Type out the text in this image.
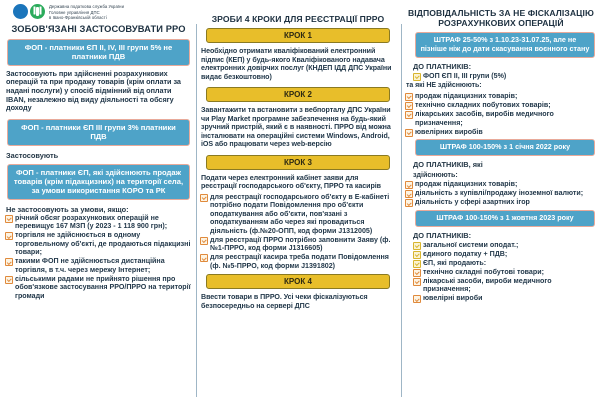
Державна податкова служба України
Головне управління ДПС
в Івано-Франківській області
ЗОБОВ'ЯЗАНІ ЗАСТОСОВУВАТИ РРО
ФОП - платники ЄП II, IV, III групи 5% не платники ПДВ
Застосовують при здійсненні розрахункових операцій та при продажу товарів (крім оплати за надані послуги) у спосіб відмінний від оплати IBAN, незалежно від виду діяльності та обсягу доходу
ФОП - платники ЄП III групи 3% платники ПДВ
Застосовують
ФОП - платники ЄП, які здійснюють продаж товарів (крім підакцизних) на території села, за умови використання КОРО та РК
Не застосовують за умови, якщо:
річний обсяг розрахункових операцій не перевищує 167 МЗП (у 2023 - 1 118 900 грн);
торгівля не здійснюється в одному торговельному об'єкті, де продаються підакцизні товари;
такими ФОП не здійснюється дистанційна торгівля, в т.ч. через мережу Інтернет;
сільськими радами не прийнято рішення про обов'язкове застосування РРО/ПРРО на території громади
ЗРОБИ 4 КРОКИ ДЛЯ РЕЄСТРАЦІЇ ПРРО
КРОК 1
Необхідно отримати кваліфікований електронний підпис (КЕП) у будь-якого Кваліфікованого надавача електронних довірчих послуг (КНДЕП ІДД ДПС України видає безкоштовно)
КРОК 2
Завантажити та встановити з вебпорталу ДПС України чи Play Market програмне забезпечення на будь-який зручний пристрій, який є в наявності. ПРРО від можна інсталювати на операційні системи Windows, Android, iOS або працювати через web-версію
КРОК 3
Подати через електронний кабінет заяви для реєстрації господарського об'єкту, ПРРО та касирів
для реєстрації господарського об'єкту в Е-кабінеті потрібно подати Повідомлення про об'єкти оподаткування або об'єкти, пов'язані з оподаткуванням або через які провадиться діяльність (ф.№20-ОПП, код форми J1312005)
для реєстрації ПРРО потрібно заповнити Заяву (ф. №1-ПРРО, код форми J1316605)
для реєстрації касира треба подати Повідомлення (ф. №5-ПРРО, код форми J1391802)
КРОК 4
Ввести товари в ПРРО. Усі чеки фіскалізуються безпосередньо на сервері ДПС
ВІДПОВІДАЛЬНІСТЬ ЗА НЕ ФІСКАЛІЗАЦІЮ РОЗРАХУНКОВИХ ОПЕРАЦІЙ
ШТРАФ 25-50% з 1.10.23-31.07.25, але не пізніше ніж до дати скасування воєнного стану
ДО ПЛАТНИКІВ:
ФОП ЄП II, III групи (5%)
та які НЕ здійснюють:
продаж підакцизних товарів;
технічно складних побутових товарів;
лікарських засобів, виробів медичного призначення;
ювелірних виробів
ШТРАФ 100-150% з 1 січня 2022 року
ДО ПЛАТНИКІВ, які
здійснюють:
продаж підакцизних товарів;
діяльність з купівлі/продажу іноземної валюти;
діяльність у сфері азартних ігор
ШТРАФ 100-150% з 1 жовтня 2023 року
ДО ПЛАТНИКІВ:
загальної системи оподат.;
єдиного податку + ПДВ;
ЄП, які продають:
технічно складні побутові товари;
лікарські засоби, вироби медичного призначення;
ювелірні вироби
